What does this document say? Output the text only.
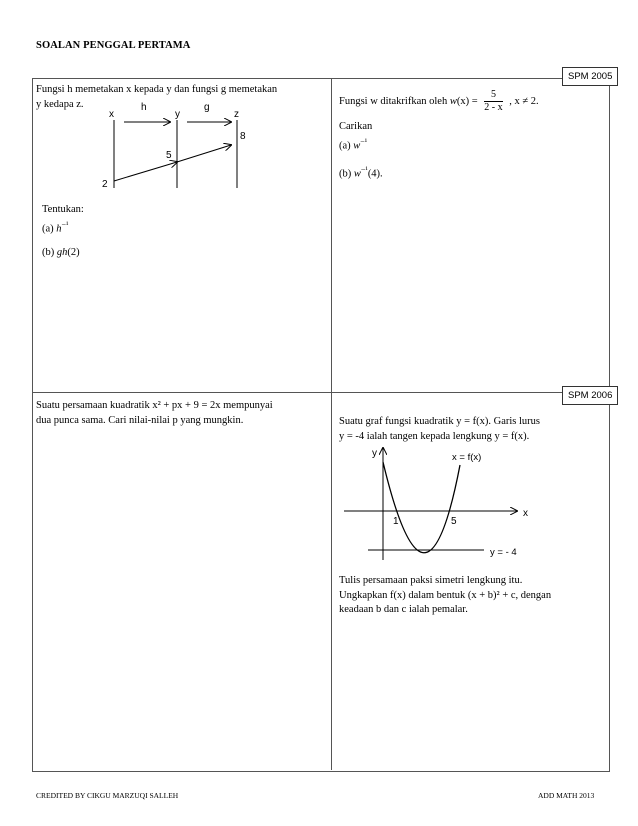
SOALAN PENGGAL PERTAMA
SPM 2005
SPM 2006

Fungsi h memetakan x kepada y dan fungsi g memetakan

y kedapa z.

x
h
y
g
z
8
5
2
y
x
x = f(x)
1	5
y = - 4

Tentukan:

(a) $h^{-^1}$

(b) gh(2)

Fungsi w ditakrifkan oleh $w(x) = \frac{5}{2 - x}$ , x ≠ 2.

Carikan

(a) $w^{-^1}$

(b) $w^{-^1}(4)$.

Suatu persamaan kuadratik x² + px + 9 = 2x mempunyai

dua punca sama. Cari nilai-nilai p yang mungkin.	Suatu graf fungsi kuadratik y = f(x). Garis lurus

y = -4 ialah tangen kepada lengkung y = f(x).

Tulis persamaan paksi simetri lengkung itu.

Ungkapkan f(x) dalam bentuk (x + b)² + c, dengan

keadaan b dan c ialah pemalar.

CREDITED BY CIKGU MARZUQI SALLEH	ADD MATH 2013
